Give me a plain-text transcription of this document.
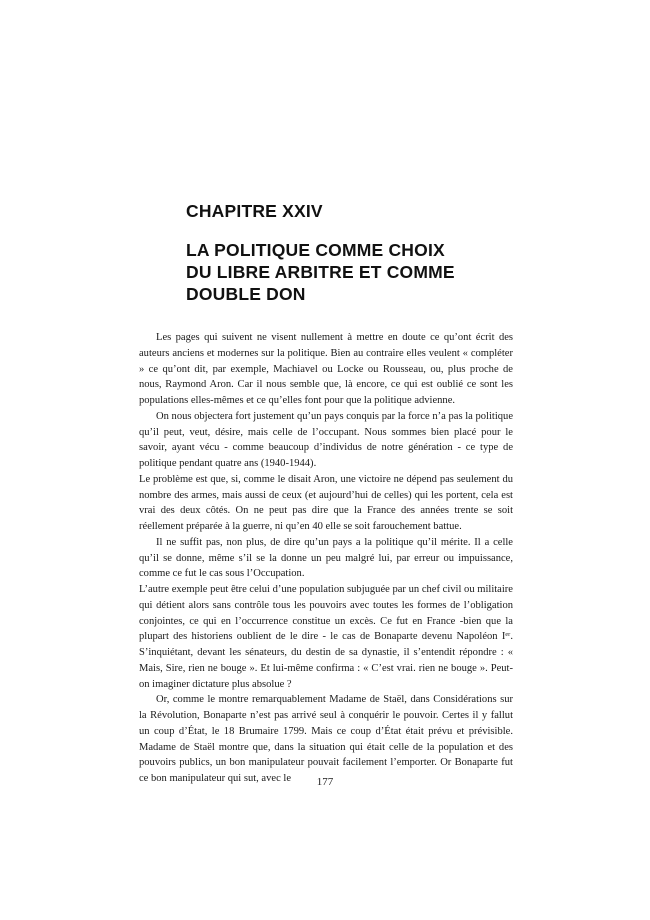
CHAPITRE XXIV
LA POLITIQUE COMME CHOIX
DU LIBRE ARBITRE ET COMME
DOUBLE DON

Les pages qui suivent ne visent nullement à mettre en doute ce qu’ont écrit des auteurs anciens et modernes sur la politique. Bien au contraire elles veulent « compléter » ce qu’ont dit, par exemple, Machiavel ou Locke ou Rousseau, ou, plus proche de nous, Raymond Aron. Car il nous semble que, là encore, ce qui est oublié ce sont les populations elles-mêmes et ce qu’elles font pour que la politique advienne.

On nous objectera fort justement qu’un pays conquis par la force n’a pas la politique qu’il peut, veut, désire, mais celle de l’occupant. Nous sommes bien placé pour le savoir, ayant vécu - comme beaucoup d’individus de notre génération - ce type de politique pendant quatre ans (1940-1944).

Le problème est que, si, comme le disait Aron, une victoire ne dépend pas seulement du nombre des armes, mais aussi de ceux (et aujourd’hui de celles) qui les portent, cela est vrai des deux côtés. On ne peut pas dire que la France des années trente se soit réellement préparée à la guerre, ni qu’en 40 elle se soit farouchement battue.

Il ne suffit pas, non plus, de dire qu’un pays a la politique qu’il mérite. Il a celle qu’il se donne, même s’il se la donne un peu malgré lui, par erreur ou impuissance, comme ce fut le cas sous l’Occupation.

L’autre exemple peut être celui d’une population subjuguée par un chef civil ou militaire qui détient alors sans contrôle tous les pouvoirs avec toutes les formes de l’obligation conjointes, ce qui en l’occurrence constitue un excès. Ce fut en France -bien que la plupart des historiens oublient de le dire - le cas de Bonaparte devenu Napoléon Iᵉʳ. S’inquiétant, devant les sénateurs, du destin de sa dynastie, il s’entendit répondre : « Mais, Sire, rien ne bouge ». Et lui-même confirma : « C’est vrai. rien ne bouge ». Peut-on imaginer dictature plus absolue ?

Or, comme le montre remarquablement Madame de Staël, dans Considérations sur la Révolution, Bonaparte n’est pas arrivé seul à conquérir le pouvoir. Certes il y fallut un coup d’État, le 18 Brumaire 1799. Mais ce coup d’État était prévu et prévisible. Madame de Staël montre que, dans la situation qui était celle de la population et des pouvoirs publics, un bon manipulateur pouvait facilement l’emporter. Or Bonaparte fut ce bon manipulateur qui sut, avec le	177
